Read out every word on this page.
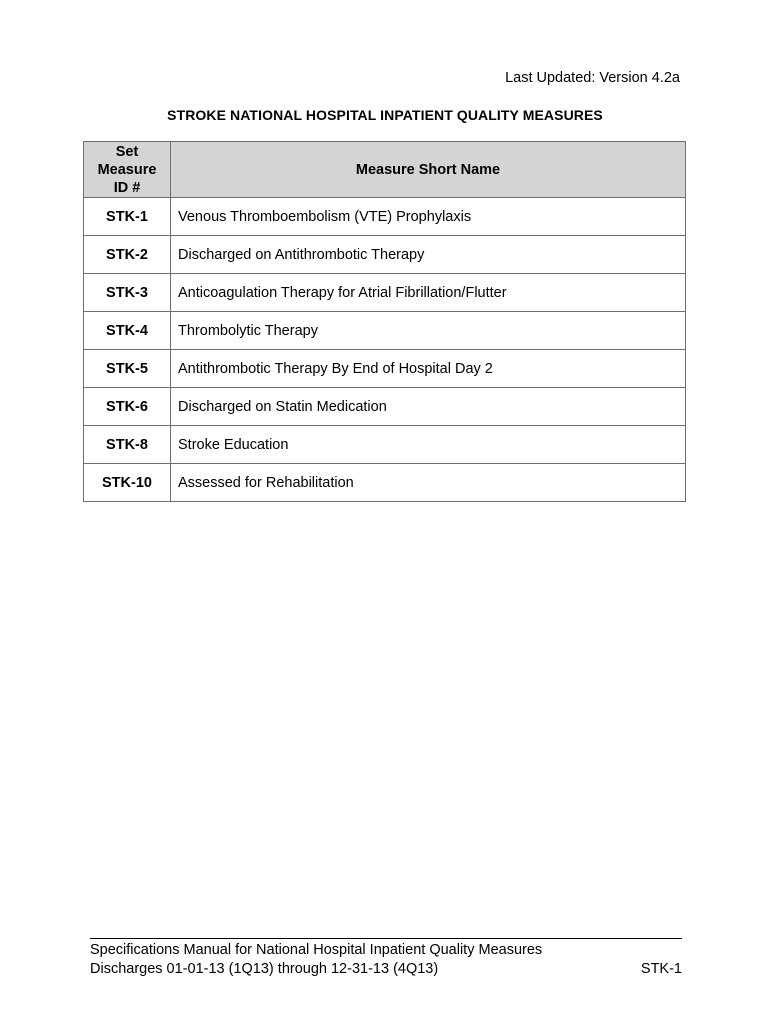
Last Updated: Version 4.2a
STROKE NATIONAL HOSPITAL INPATIENT QUALITY MEASURES
Set
Measure
ID #	Measure Short Name
STK-1	Venous Thromboembolism (VTE) Prophylaxis
STK-2	Discharged on Antithrombotic Therapy
STK-3	Anticoagulation Therapy for Atrial Fibrillation/Flutter
STK-4	Thrombolytic Therapy
STK-5	Antithrombotic Therapy By End of Hospital Day 2
STK-6	Discharged on Statin Medication
STK-8	Stroke Education
STK-10	Assessed for Rehabilitation
Specifications Manual for National Hospital Inpatient Quality Measures
Discharges 01-01-13 (1Q13) through 12-31-13 (4Q13)	STK-1
